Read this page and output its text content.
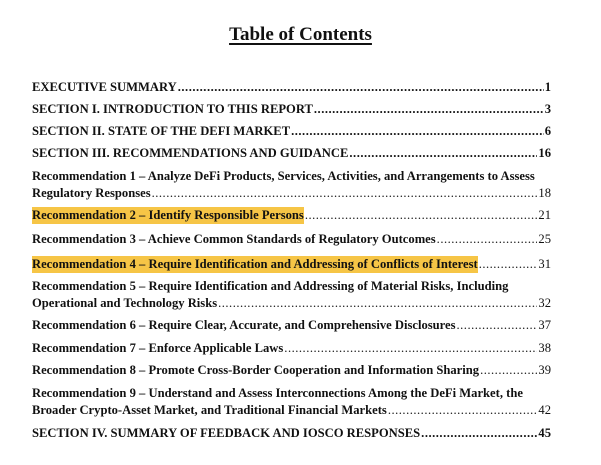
Table of Contents
EXECUTIVE SUMMARY .....	1
SECTION I. INTRODUCTION TO THIS REPORT .....	3
SECTION II. STATE OF THE DEFI MARKET .....	6
SECTION III. RECOMMENDATIONS AND GUIDANCE .....	16
Recommendation 1 – Analyze DeFi Products, Services, Activities, and Arrangements to Assess
Regulatory Responses .....	18
Recommendation 2 – Identify Responsible Persons .....	21
Recommendation 3 – Achieve Common Standards of Regulatory Outcomes .....	25
Recommendation 4 – Require Identification and Addressing of Conflicts of Interest .....	31
Recommendation 5 – Require Identification and Addressing of Material Risks, Including
Operational and Technology Risks .....	32
Recommendation 6 – Require Clear, Accurate, and Comprehensive Disclosures .....	37
Recommendation 7 – Enforce Applicable Laws .....	38
Recommendation 8 – Promote Cross-Border Cooperation and Information Sharing .....	39
Recommendation 9 – Understand and Assess Interconnections Among the DeFi Market, the
Broader Crypto-Asset Market, and Traditional Financial Markets .....	42
SECTION IV. SUMMARY OF FEEDBACK AND IOSCO RESPONSES .....	45
